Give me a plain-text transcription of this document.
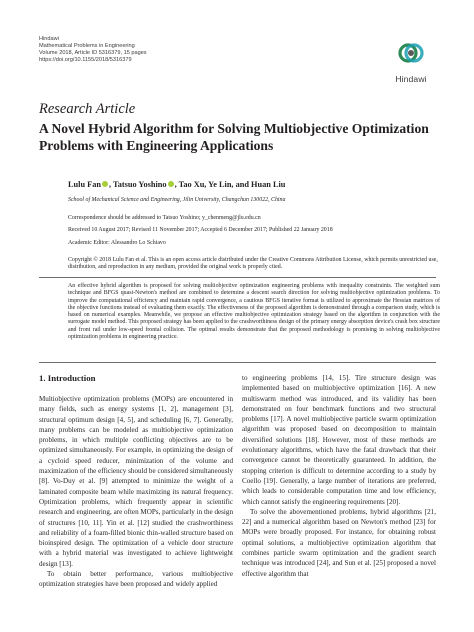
Hindawi
Mathematical Problems in Engineering
Volume 2018, Article ID 5316379, 15 pages
https://doi.org/10.1155/2018/5316379
Hindawi
Research Article
A Novel Hybrid Algorithm for Solving Multiobjective Optimization Problems with Engineering Applications
Lulu Fan , Tatsuo Yoshino , Tao Xu, Ye Lin, and Huan Liu
School of Mechanical Science and Engineering, Jilin University, Changchun 130022, China
Correspondence should be addressed to Tatsuo Yoshino; y_chenmeng@jlu.edu.cn
Received 10 August 2017; Revised 11 November 2017; Accepted 6 December 2017; Published 22 January 2018
Academic Editor: Alessandro Lo Schiavo
Copyright © 2018 Lulu Fan et al. This is an open access article distributed under the Creative Commons Attribution License, which permits unrestricted use, distribution, and reproduction in any medium, provided the original work is properly cited.
An effective hybrid algorithm is proposed for solving multiobjective optimization engineering problems with inequality constraints. The weighted sum technique and BFGS quasi-Newton's method are combined to determine a descent search direction for solving multiobjective optimization problems. To improve the computational efficiency and maintain rapid convergence, a cautious BFGS iterative format is utilized to approximate the Hessian matrices of the objective functions instead of evaluating them exactly. The effectiveness of the proposed algorithm is demonstrated through a comparison study, which is based on numerical examples. Meanwhile, we propose an effective multiobjective optimization strategy based on the algorithm in conjunction with the surrogate model method. This proposed strategy has been applied to the crashworthiness design of the primary energy absorption device's crash box structure and front rail under low-speed frontal collision. The optimal results demonstrate that the proposed methodology is promising in solving multiobjective optimization problems in engineering practice.
1. Introduction

Multiobjective optimization problems (MOPs) are encountered in many fields, such as energy systems [1, 2], management [3], structural optimum design [4, 5], and scheduling [6, 7]. Generally, many problems can be modeled as multiobjective optimization problems, in which multiple conflicting objectives are to be optimized simultaneously. For example, in optimizing the design of a cycloid speed reducer, minimization of the volume and maximization of the efficiency should be considered simultaneously [8]. Vo-Duy et al. [9] attempted to minimize the weight of a laminated composite beam while maximizing its natural frequency. Optimization problems, which frequently appear in scientific research and engineering, are often MOPs, particularly in the design of structures [10, 11]. Yin et al. [12] studied the crashworthiness and reliability of a foam-filled bionic thin-walled structure based on bioinspired design. The optimization of a vehicle door structure with a hybrid material was investigated to achieve lightweight design [13].

To obtain better performance, various multiobjective optimization strategies have been proposed and widely applied

to engineering problems [14, 15]. Tire structure design was implemented based on multiobjective optimization [16]. A new multiswarm method was introduced, and its validity has been demonstrated on four benchmark functions and two structural problems [17]. A novel multiobjective particle swarm optimization algorithm was proposed based on decomposition to maintain diversified solutions [18]. However, most of these methods are evolutionary algorithms, which have the fatal drawback that their convergence cannot be theoretically guaranteed. In addition, the stopping criterion is difficult to determine according to a study by Coello [19]. Generally, a large number of iterations are preferred, which leads to considerable computation time and low efficiency, which cannot satisfy the engineering requirements [20].

To solve the abovementioned problems, hybrid algorithms [21, 22] and a numerical algorithm based on Newton's method [23] for MOPs were broadly proposed. For instance, for obtaining robust optimal solutions, a multiobjective optimization algorithm that combines particle swarm optimization and the gradient search technique was introduced [24], and Sun et al. [25] proposed a novel effective algorithm that
